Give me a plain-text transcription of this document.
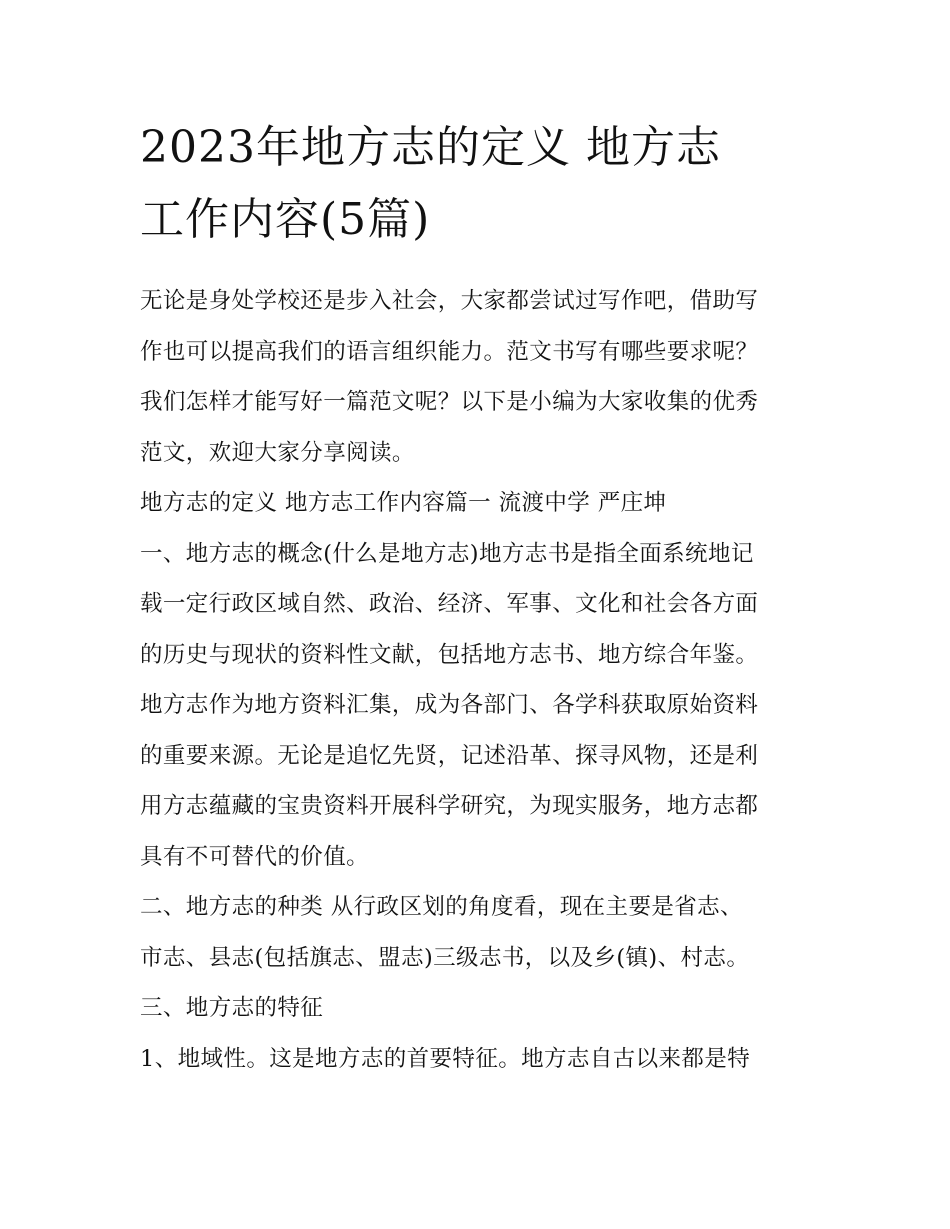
2023年地方志的定义 地方志
工作内容(5篇)
无论是身处学校还是步入社会，大家都尝试过写作吧，借助写
作也可以提高我们的语言组织能力。范文书写有哪些要求呢？
我们怎样才能写好一篇范文呢？以下是小编为大家收集的优秀
范文，欢迎大家分享阅读。
地方志的定义 地方志工作内容篇一 流渡中学 严庄坤
一、地方志的概念(什么是地方志)地方志书是指全面系统地记
载一定行政区域自然、政治、经济、军事、文化和社会各方面
的历史与现状的资料性文献，包括地方志书、地方综合年鉴。
地方志作为地方资料汇集，成为各部门、各学科获取原始资料
的重要来源。无论是追忆先贤，记述沿革、探寻风物，还是利
用方志蕴藏的宝贵资料开展科学研究，为现实服务，地方志都
具有不可替代的价值。
二、地方志的种类 从行政区划的角度看，现在主要是省志、
市志、县志(包括旗志、盟志)三级志书，以及乡(镇)、村志。
三、地方志的特征
1、地域性。这是地方志的首要特征。地方志自古以来都是特
